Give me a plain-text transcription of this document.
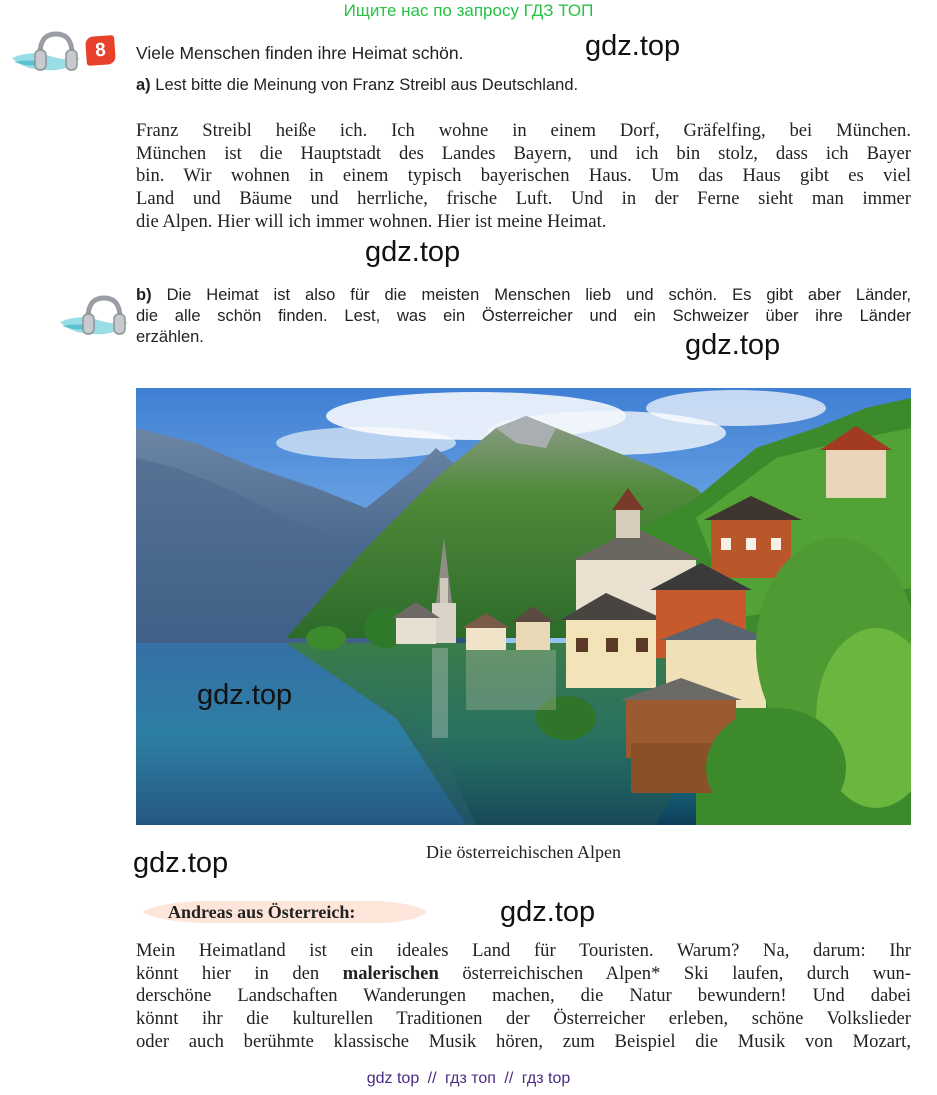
Ищите нас по запросу ГДЗ ТОП
8	Viele Menschen finden ihre Heimat schön.	gdz.top
a) Lest bitte die Meinung von Franz Streibl aus Deutschland.
Franz Streibl heiße ich. Ich wohne in einem Dorf, Gräfelfing, bei München.
München ist die Hauptstadt des Landes Bayern, und ich bin stolz, dass ich Bayer
bin. Wir wohnen in einem typisch bayerischen Haus. Um das Haus gibt es viel
Land und Bäume und herrliche, frische Luft. Und in der Ferne sieht man immer
die Alpen. Hier will ich immer wohnen. Hier ist meine Heimat.
gdz.top
b) Die Heimat ist also für die meisten Menschen lieb und schön. Es gibt aber Länder,
die alle schön finden. Lest, was ein Österreicher und ein Schweizer über ihre Länder
erzählen.	gdz.top
gdz.top
Die österreichischen Alpen
gdz.top
Andreas aus Österreich:	gdz.top
Mein Heimatland ist ein ideales Land für Touristen. Warum? Na, darum: Ihr
könnt hier in den malerischen österreichischen Alpen* Ski laufen, durch wun-
derschöne Landschaften Wanderungen machen, die Natur bewundern! Und dabei
könnt ihr die kulturellen Traditionen der Österreicher erleben, schöne Volkslieder
oder auch berühmte klassische Musik hören, zum Beispiel die Musik von Mozart,
gdz top // гдз топ // гдз top
